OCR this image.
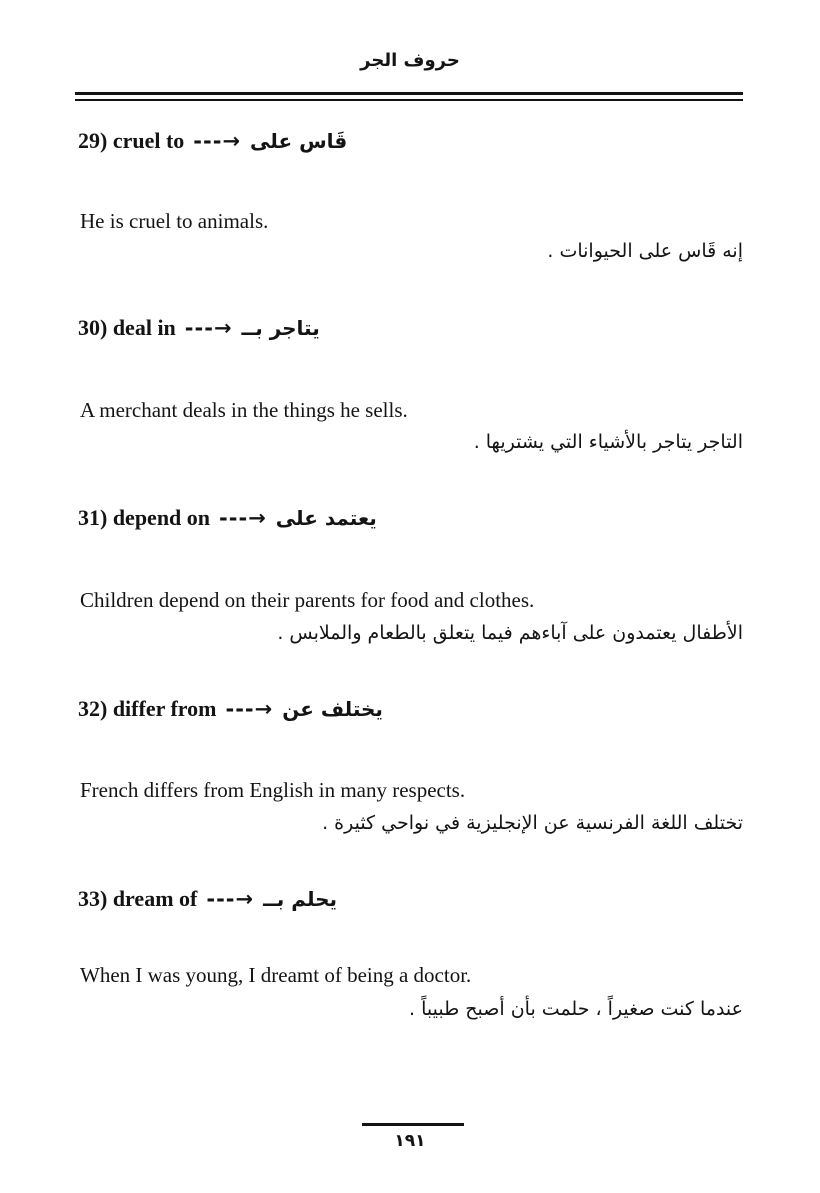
حروف الجر
29) cruel to ---→ قَاس على
He is cruel to animals.
إنه قَاس على الحيوانات .
30) deal in ---→ يتاجر بــ
A merchant deals in the things he sells.
التاجر يتاجر بالأشياء التي يشتريها .
31) depend on ---→ يعتمد على
Children depend on their parents for food and clothes.
الأطفال يعتمدون على آباءهم فيما يتعلق بالطعام والملابس .
32) differ from ---→ يختلف عن
French differs from English in many respects.
تختلف اللغة الفرنسية عن الإنجليزية في نواحي كثيرة .
33) dream of ---→ يحلم بــ
When I was young, I dreamt of being a doctor.
عندما كنت صغيراً ، حلمت بأن أصبح طبيباً .
١٩١
